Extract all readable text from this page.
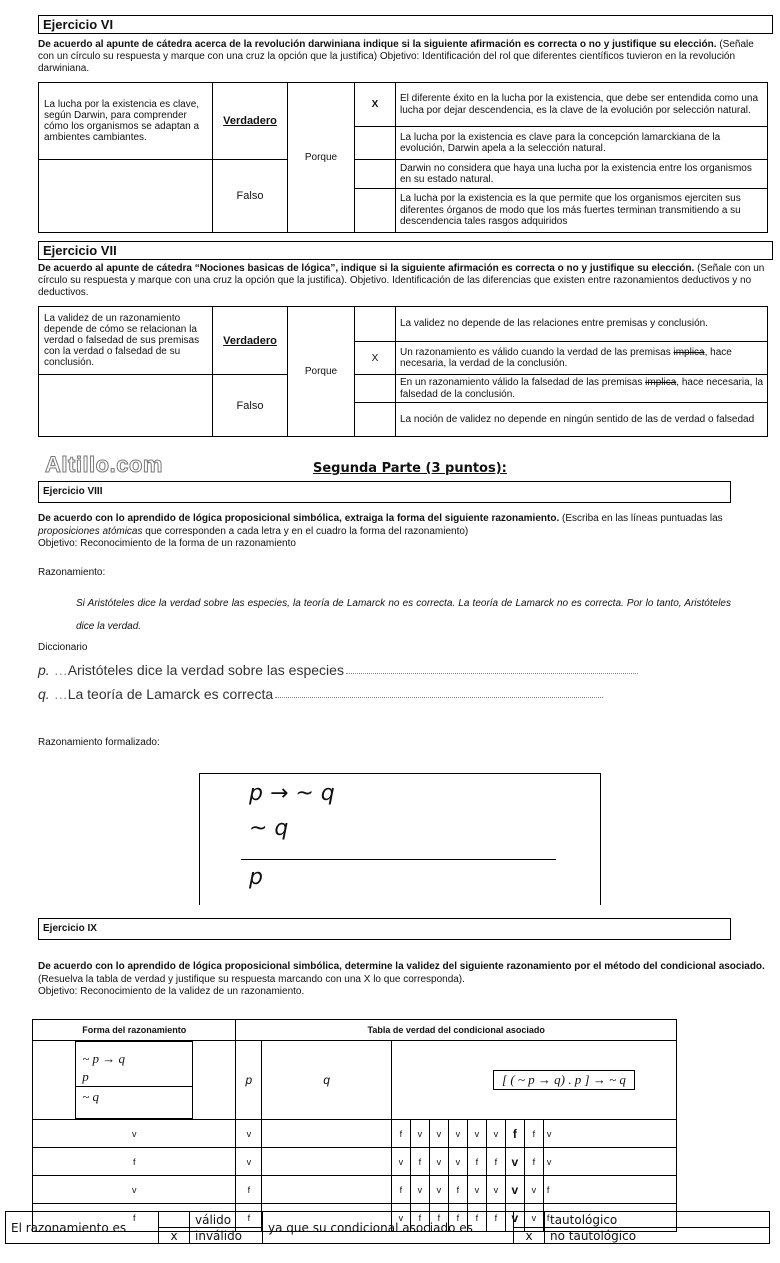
Ejercicio VI
De acuerdo al apunte de cátedra acerca de la revolución darwiniana indique si la siguiente afirmación es correcta o no y justifique su elección. (Señale con un círculo su respuesta y marque con una cruz la opción que la justifica) Objetivo: Identificación del rol que diferentes científicos tuvieron en la revolución darwiniana.
La lucha por la existencia es clave, según Darwin, para comprender cómo los organismos se adaptan a ambientes cambiantes.	Verdadero	Porque	X	El diferente éxito en la lucha por la existencia, que debe ser entendida como una lucha por dejar descendencia, es la clave de la evolución por selección natural.
				La lucha por la existencia es clave para la concepción lamarckiana de la evolución, Darwin apela a la selección natural.
	Falso			Darwin no considera que haya una lucha por la existencia entre los organismos en su estado natural.
				La lucha por la existencia es la que permite que los organismos ejerciten sus diferentes órganos de modo que los más fuertes terminan transmitiendo a su descendencia tales rasgos adquiridos
Ejercicio VII
De acuerdo al apunte de cátedra “Nociones basicas de lógica”, indique si la siguiente afirmación es correcta o no y justifique su elección. (Señale con un círculo su respuesta y marque con una cruz la opción que la justifica). Objetivo. Identificación de las diferencias que existen entre razonamientos deductivos y no deductivos.
La validez de un razonamiento depende de cómo se relacionan la verdad o falsedad de sus premisas con la verdad o falsedad de su conclusión.	Verdadero	Porque		La validez no depende de las relaciones entre premisas y conclusión.
			X	Un razonamiento es válido cuando la verdad de las premisas implica, hace necesaria, la verdad de la conclusión.
	Falso			En un razonamiento válido la falsedad de las premisas implica, hace necesaria, la falsedad de la conclusión.
				La noción de validez no depende en ningún sentido de las de verdad o falsedad
Altillo.com	Segunda Parte (3 puntos):
Ejercicio VIII
De acuerdo con lo aprendido de lógica proposicional simbólica, extraiga la forma del siguiente razonamiento. (Escriba en las líneas puntuadas las proposiciones atómicas que corresponden a cada letra y en el cuadro la forma del razonamiento)
Objetivo: Reconocimiento de la forma de un razonamiento
Razonamiento:
Si Aristóteles dice la verdad sobre las especies, la teoría de Lamarck no es correcta. La teoría de Lamarck no es correcta. Por lo tanto, Aristóteles dice la verdad.
Diccionario
p. … Aristóteles dice la verdad sobre las especies
q. … La teoría de Lamarck es correcta
Razonamiento formalizado:
p → ~ q
~ q
p
Ejercicio IX
De acuerdo con lo aprendido de lógica proposicional simbólica, determine la validez del siguiente razonamiento por el método del condicional asociado. (Resuelva la tabla de verdad y justifique su respuesta marcando con una X lo que corresponda).
Objetivo: Reconocimiento de la validez de un razonamiento.
Forma del razonamiento	Tabla de verdad del condicional asociado										

~ p → q
p
~ q	p	q	[ ( ~ p → q) . p ] → ~ q								
v	v		f	v	v	v	v	v	f	f	v
f	v		v	f	v	v	f	f	v	f	v
v	f		f	v	v	f	v	v	v	v	f
f	f		v	f	f	f	f	f	v	v	f
El razonamiento es		válido	ya que su condicional asociado es		tautológico
	x	inválido		x	no tautológico
